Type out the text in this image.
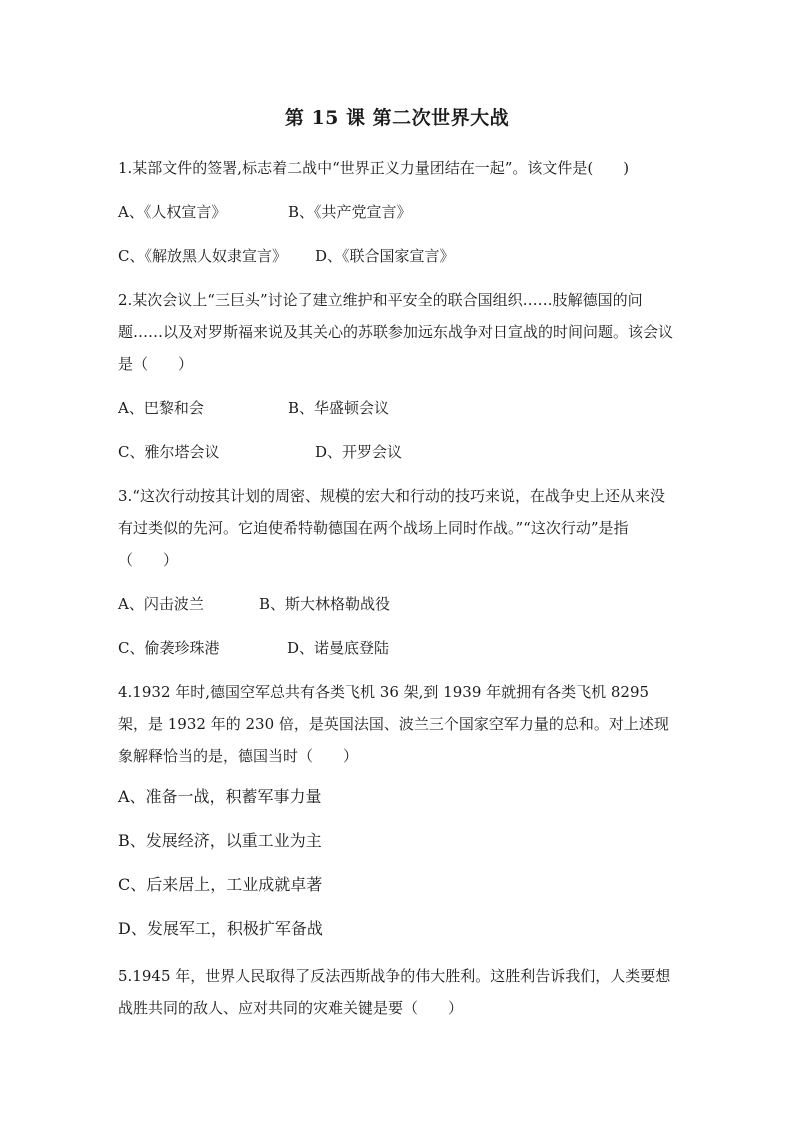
第 15 课 第二次世界大战
1.某部文件的签署,标志着二战中“世界正义力量团结在一起”。该文件是(　　)
A、《人权宣言》	B、《共产党宣言》
C、《解放黑人奴隶宣言》 D、《联合国家宣言》
2.某次会议上“三巨头”讨论了建立维护和平安全的联合国组织……肢解德国的问题……以及对罗斯福来说及其关心的苏联参加远东战争对日宣战的时间问题。该会议是（　　）
A、巴黎和会	B、华盛顿会议
C、雅尔塔会议	D、开罗会议
3.“这次行动按其计划的周密、规模的宏大和行动的技巧来说，在战争史上还从来没有过类似的先河。它迫使希特勒德国在两个战场上同时作战。”“这次行动”是指（　　）
A、闪击波兰	B、斯大林格勒战役
C、偷袭珍珠港	D、诺曼底登陆
4.1932 年时,德国空军总共有各类飞机 36 架,到 1939 年就拥有各类飞机 8295 架，是 1932 年的 230 倍，是英国法国、波兰三个国家空军力量的总和。对上述现象解释恰当的是，德国当时（　　）
A、准备一战，积蓄军事力量
B、发展经济，以重工业为主
C、后来居上，工业成就卓著
D、发展军工，积极扩军备战
5.1945 年，世界人民取得了反法西斯战争的伟大胜利。这胜利告诉我们，人类要想战胜共同的敌人、应对共同的灾难关键是要（　　）
